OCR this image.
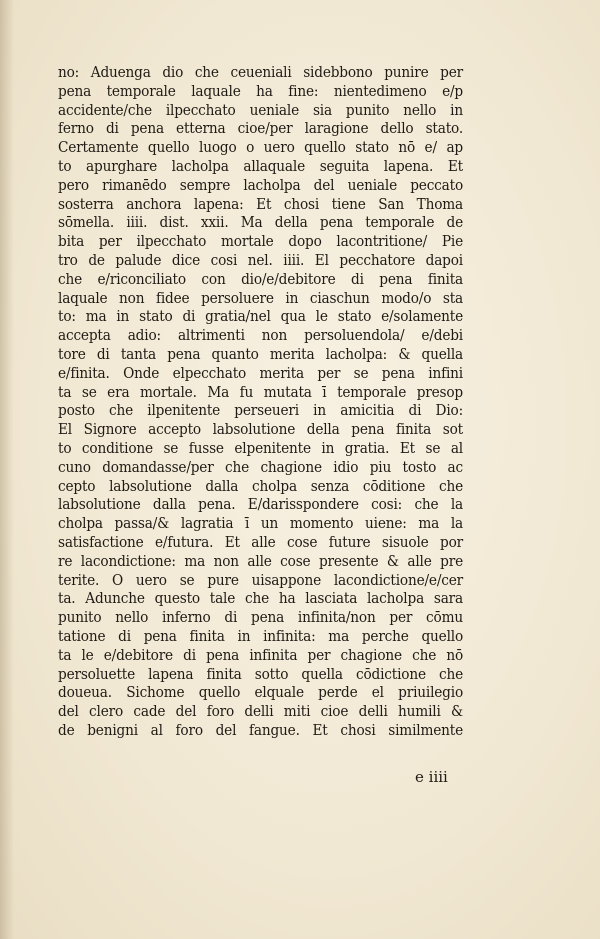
no: Aduenga dio che ceueniali sidebbono punire per
pena temporale laquale ha fine: nientedimeno e/p
accidente/che ilpecchato ueniale sia punito nello in
ferno di pena etterna cioe/per laragione dello stato.
Certamente quello luogo o uero quello stato nō e/ ap
to apurghare lacholpa allaquale seguita lapena. Et
pero rimanēdo sempre lacholpa del ueniale peccato
sosterra anchora lapena: Et chosi tiene San Thoma
sōmella. iiii. dist. xxii. Ma della pena temporale de
bita per ilpecchato mortale dopo lacontritione/ Pie
tro de palude dice cosi nel. iiii. El pecchatore dapoi
che e/riconciliato con dio/e/debitore di pena finita
laquale non fidee persoluere in ciaschun modo/o sta
to: ma in stato di gratia/nel qua le stato e/solamente
accepta adio: altrimenti non persoluendola/ e/debi
tore di tanta pena quanto merita lacholpa: & quella
e/finita. Onde elpecchato merita per se pena infini
ta se era mortale. Ma fu mutata ī temporale presop
posto che ilpenitente perseueri in amicitia di Dio:
El Signore accepto labsolutione della pena finita sot
to conditione se fusse elpenitente in gratia. Et se al
cuno domandasse/per che chagione idio piu tosto ac
cepto labsolutione dalla cholpa senza cōditione che
labsolutione dalla pena. E/darisspondere cosi: che la
cholpa passa/& lagratia ī un momento uiene: ma la
satisfactione e/futura. Et alle cose future sisuole por
re lacondictione: ma non alle cose presente & alle pre
terite. O uero se pure uisappone lacondictione/e/cer
ta. Adunche questo tale che ha lasciata lacholpa sara
punito nello inferno di pena infinita/non per cōmu
tatione di pena finita in infinita: ma perche quello
ta le e/debitore di pena infinita per chagione che nō
persoluette lapena finita sotto quella cōdictione che
doueua. Sichome quello elquale perde el priuilegio
del clero cade del foro delli miti cioe delli humili &
de benigni al foro del fangue. Et chosi similmente
e iiii
